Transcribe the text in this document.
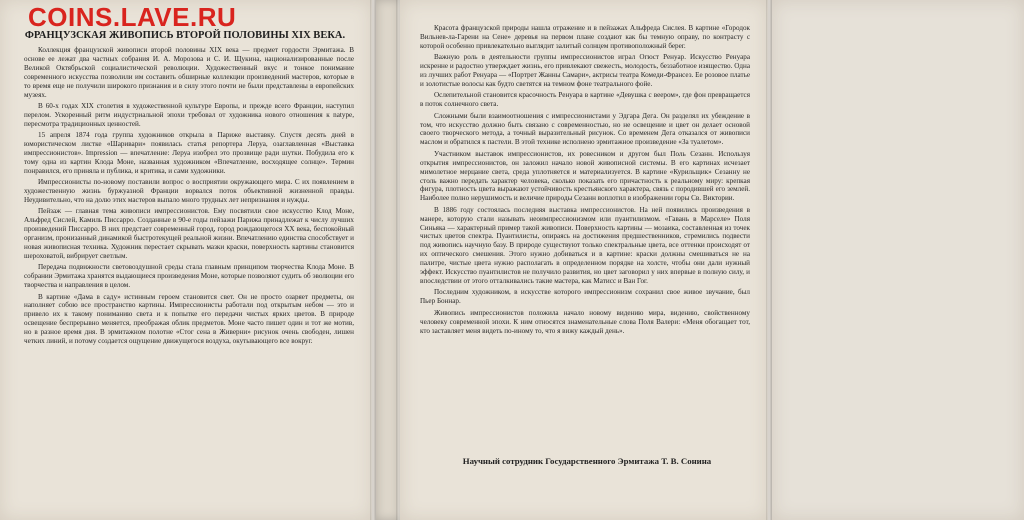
COINS.LAVE.RU
ФРАНЦУЗСКАЯ ЖИВОПИСЬ ВТОРОЙ ПОЛОВИНЫ XIX ВЕКА.

Коллекция французской живописи второй половины XIX века — предмет гордости Эрмитажа. В основе ее лежат два частных собрания И. А. Морозова и С. И. Щукина, национализированные после Великой Октябрьской социалистической революции. Художественный вкус и тонкое понимание современного искусства позволили им составить обширные коллекции произведений мастеров, которые в то время еще не получили широкого признания и в силу этого почти не были представлены в европейских музеях.

В 60-х годах XIX столетия в художественной культуре Европы, и прежде всего Франции, наступил перелом. Ускоренный ритм индустриальной эпохи требовал от художника нового отношения к natуре, пересмотра традиционных ценностей.

15 апреля 1874 года группа художников открыла в Париже выставку. Спустя десять дней в юмористическом листке «Шаривари» появилась статья репортера Леруа, озаглавленная «Выставка импрессионистов». Impression — впечатление: Леруа изобрел это прозвище ради шутки. Побудила его к тому одна из картин Клода Моне, названная художником «Впечатление, восходящее солнце». Термин понравился, его приняла и публика, и критика, и сами художники.

Импрессионисты по-новому поставили вопрос о восприятии окружающего мира. С их появлением в художественную жизнь буржуазной Франции ворвался поток объективной жизненной правды. Неудивительно, что на долю этих мастеров выпало много трудных лет непризнания и нужды.

Пейзаж — главная тема живописи импрессионистов. Ему посвятили свое искусство Клод Моне, Альфред Сислей, Камиль Писсарро. Созданные в 90-е годы пейзажи Парижа принадлежат к числу лучших произведений Писсарро. В них предстает современный город, город рождающегося XX века, беспокойный организм, пронизанный динамикой быстротекущей реальной жизни. Впечатлению единства способствует и новая живописная техника. Художник перестает скрывать мазки краски, поверхность картины становится шероховатой, вибрирует светлым.

Передача подвижности световоздушной среды стала главным принципом творчества Клода Моне. В собрании Эрмитажа хранятся выдающиеся произведения Моне, которые позволяют судить об эволюции его творчества и направления в целом.

В картине «Дама в саду» истинным героем становится свет. Он не просто озаряет предметы, он наполняет собою все пространство картины. Импрессионисты работали под открытым небом — это и привело их к такому пониманию света и к попытке его передачи чистых ярких цветов. В природе освещение беспрерывно меняется, преображая облик предметов. Моне часто пишет один и тот же мотив, но в разное время дня. В эрмитажном полотне «Стог сена в Живерни» рисунок очень свободен, лишен четких линий, и потому создается ощущение движущегося воздуха, окутывающего все вокруг.

Красота французской природы нашла отражение и в пейзажах Альфреда Сислея. В картине «Городок Вильнев-ла-Гарени на Сене» деревья на первом плане создают как бы темную оправу, по контрасту с которой особенно привлекательно выглядит залитый солнцем противоположный берег.

Важную роль в деятельности группы импрессионистов играл Огюст Ренуар. Искусство Ренуара искренне и радостно утверждает жизнь, его привлекают свежесть, молодость, беззаботное изящество. Одна из лучших работ Ренуара — «Портрет Жанны Самари», актрисы театра Комеди-Франсез. Ее розовое платье и золотистые волосы как будто светятся на темном фоне театрального фойе.

Ослепительной становится красочность Ренуара в картине «Девушка с веером», где фон превращается в поток солнечного света.

Сложными были взаимоотношения с импрессионистами у Эдгара Дега. Он разделял их убеждение в том, что искусство должно быть связано с современностью, но не освещение и цвет он делает основой своего творческого метода, а точный выразительный рисунок. Со временем Дега отказался от живописи маслом и обратился к пастели. В этой технике исполнено эрмитажное произведение «За туалетом».

Участником выставок импрессионистов, их ровесником и другом был Поль Сезанн. Используя открытия импрессионистов, он заложил начало новой живописной системы. В его картинах исчезает мимолетное мерцание света, среда уплотняется и материализуется. В картине «Курильщик» Сезанну не столь важно передать характер человека, сколько показать его причастность к реальному миру: крепкая фигура, плотность цвета выражают устойчивость крестьянского характера, связь с породившей его землей. Наиболее полно нерушимость и величие природы Сезанн воплотил в изображении горы Св. Виктории.

В 1886 году состоялась последняя выставка импрессионистов. На ней появились произведения в манере, которую стали называть неоимпрессионизмом или пуантилизмом. «Гавань в Марселе» Поля Синьяка — характерный пример такой живописи. Поверхность картины — мозаика, составленная из точек чистых цветов спектра. Пуантилисты, опираясь на достижения предшественников, стремились подвести под живопись научную базу. В природе существуют только спектральные цвета, все оттенки происходят от их оптического смешения. Этого нужно добиваться и в картине: краски должны смешиваться не на палитре, чистые цвета нужно располагать в определенном порядке на холсте, чтобы они дали нужный эффект. Искусство пуантилистов не получило развития, но цвет заговорил у них впервые в полную силу, и впоследствии от этого отталкивались такие мастера, как Матисс и Ван Гог.

Последним художником, в искусстве которого импрессионизм сохранил свое живое звучание, был Пьер Боннар.

Живопись импрессионистов положила начало новому видению мира, видению, свойственному человеку современной эпохи. К ним относятся знаменательные слова Поля Валери: «Меня обогащает тот, кто заставляет меня видеть по-иному то, что я вижу каждый день».

Научный сотрудник Государственного Эрмитажа Т. В. Сонина
